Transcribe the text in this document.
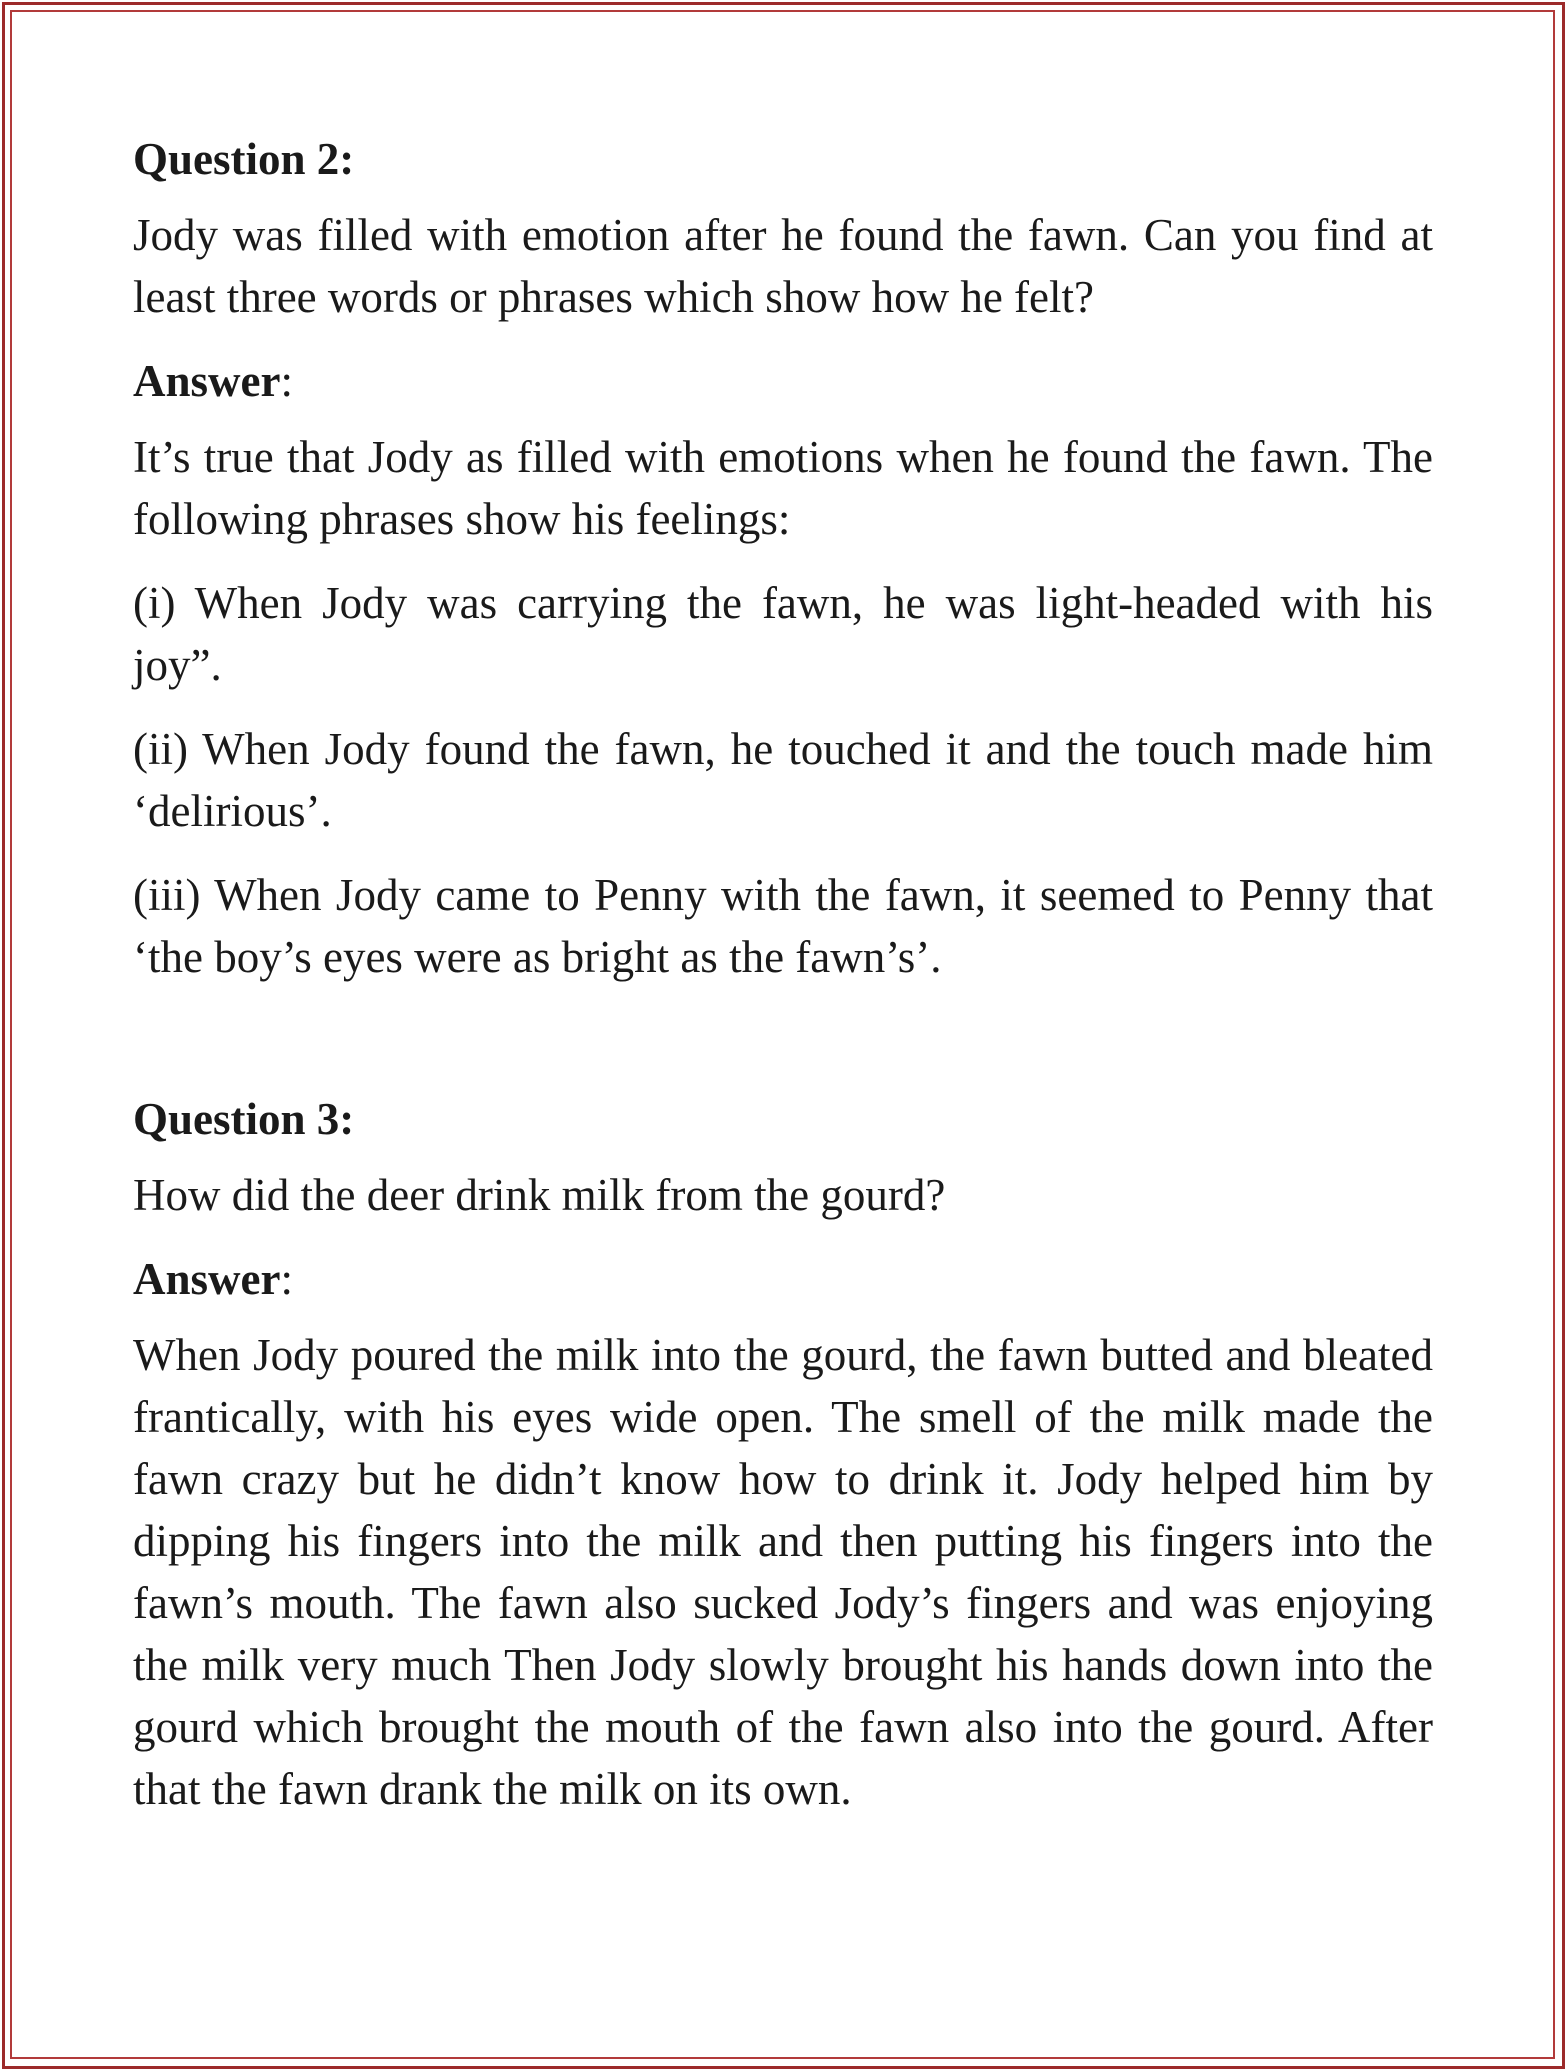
Question 2:

Jody was filled with emotion after he found the fawn. Can you find at least three words or phrases which show how he felt?

Answer:

It’s true that Jody as filled with emotions when he found the fawn. The following phrases show his feelings:

(i) When Jody was carrying the fawn, he was light-headed with his joy”.

(ii) When Jody found the fawn, he touched it and the touch made him ‘delirious’.

(iii) When Jody came to Penny with the fawn, it seemed to Penny that ‘the boy’s eyes were as bright as the fawn’s’.

Question 3:

How did the deer drink milk from the gourd?

Answer:

When Jody poured the milk into the gourd, the fawn butted and bleated frantically, with his eyes wide open. The smell of the milk made the fawn crazy but he didn’t know how to drink it. Jody helped him by dipping his fingers into the milk and then putting his fingers into the fawn’s mouth. The fawn also sucked Jody’s fingers and was enjoying the milk very much Then Jody slowly brought his hands down into the gourd which brought the mouth of the fawn also into the gourd. After that the fawn drank the milk on its own.
